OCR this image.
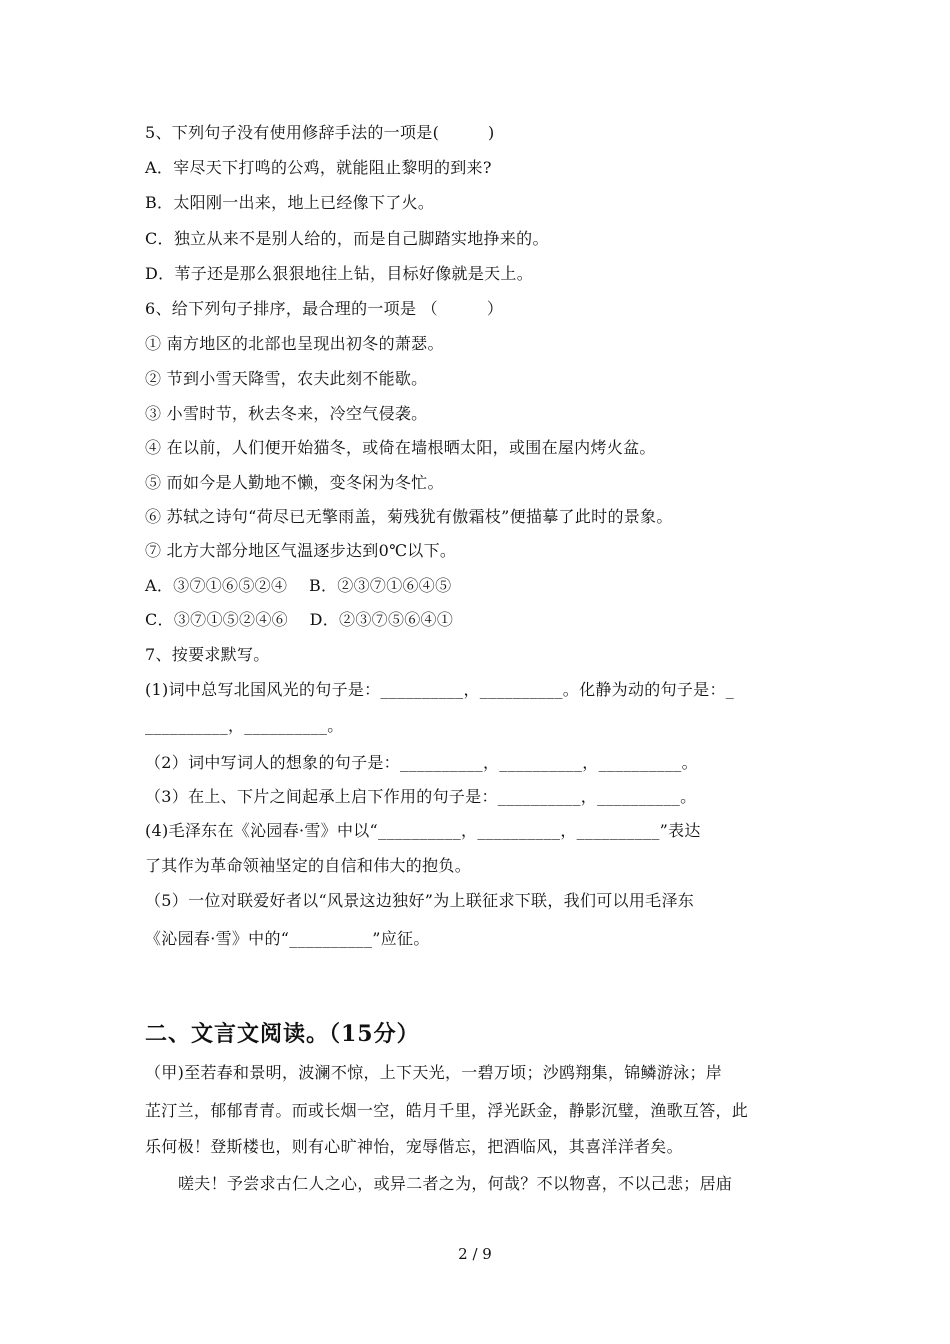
5、下列句子没有使用修辞手法的一项是(　　　)
A．宰尽天下打鸣的公鸡，就能阻止黎明的到来?
B．太阳刚一出来，地上已经像下了火。
C．独立从来不是别人给的，而是自己脚踏实地挣来的。
D．苇子还是那么狠狠地往上钻，目标好像就是天上。
6、给下列句子排序，最合理的一项是 （　　　）
① 南方地区的北部也呈现出初冬的萧瑟。
② 节到小雪天降雪，农夫此刻不能歇。
③ 小雪时节，秋去冬来，冷空气侵袭。
④ 在以前，人们便开始猫冬，或倚在墙根晒太阳，或围在屋内烤火盆。
⑤ 而如今是人勤地不懒，变冬闲为冬忙。
⑥ 苏轼之诗句“荷尽已无擎雨盖，菊残犹有傲霜枝”便描摹了此时的景象。
⑦ 北方大部分地区气温逐步达到0℃以下。
A．③⑦①⑥⑤②④　 B．②③⑦①⑥④⑤
C．③⑦①⑤②④⑥　 D．②③⑦⑤⑥④①
7、按要求默写。
(1)词中总写北国风光的句子是：__________，__________。化静为动的句子是：_
__________，__________。
（2）词中写词人的想象的句子是：__________，__________，__________。
（3）在上、下片之间起承上启下作用的句子是：__________，__________。
(4)毛泽东在《沁园春·雪》中以“__________，__________，__________”表达
了其作为革命领袖坚定的自信和伟大的抱负。
（5）一位对联爱好者以“风景这边独好”为上联征求下联，我们可以用毛泽东
《沁园春·雪》中的“__________”应征。
二、文言文阅读。（15分）
（甲)至若春和景明，波澜不惊，上下天光，一碧万顷；沙鸥翔集，锦鳞游泳；岸
芷汀兰，郁郁青青。而或长烟一空，皓月千里，浮光跃金，静影沉璧，渔歌互答，此
乐何极！登斯楼也，则有心旷神怡，宠辱偕忘，把酒临风，其喜洋洋者矣。
嗟夫！予尝求古仁人之心，或异二者之为，何哉？不以物喜，不以己悲；居庙
2 / 9
